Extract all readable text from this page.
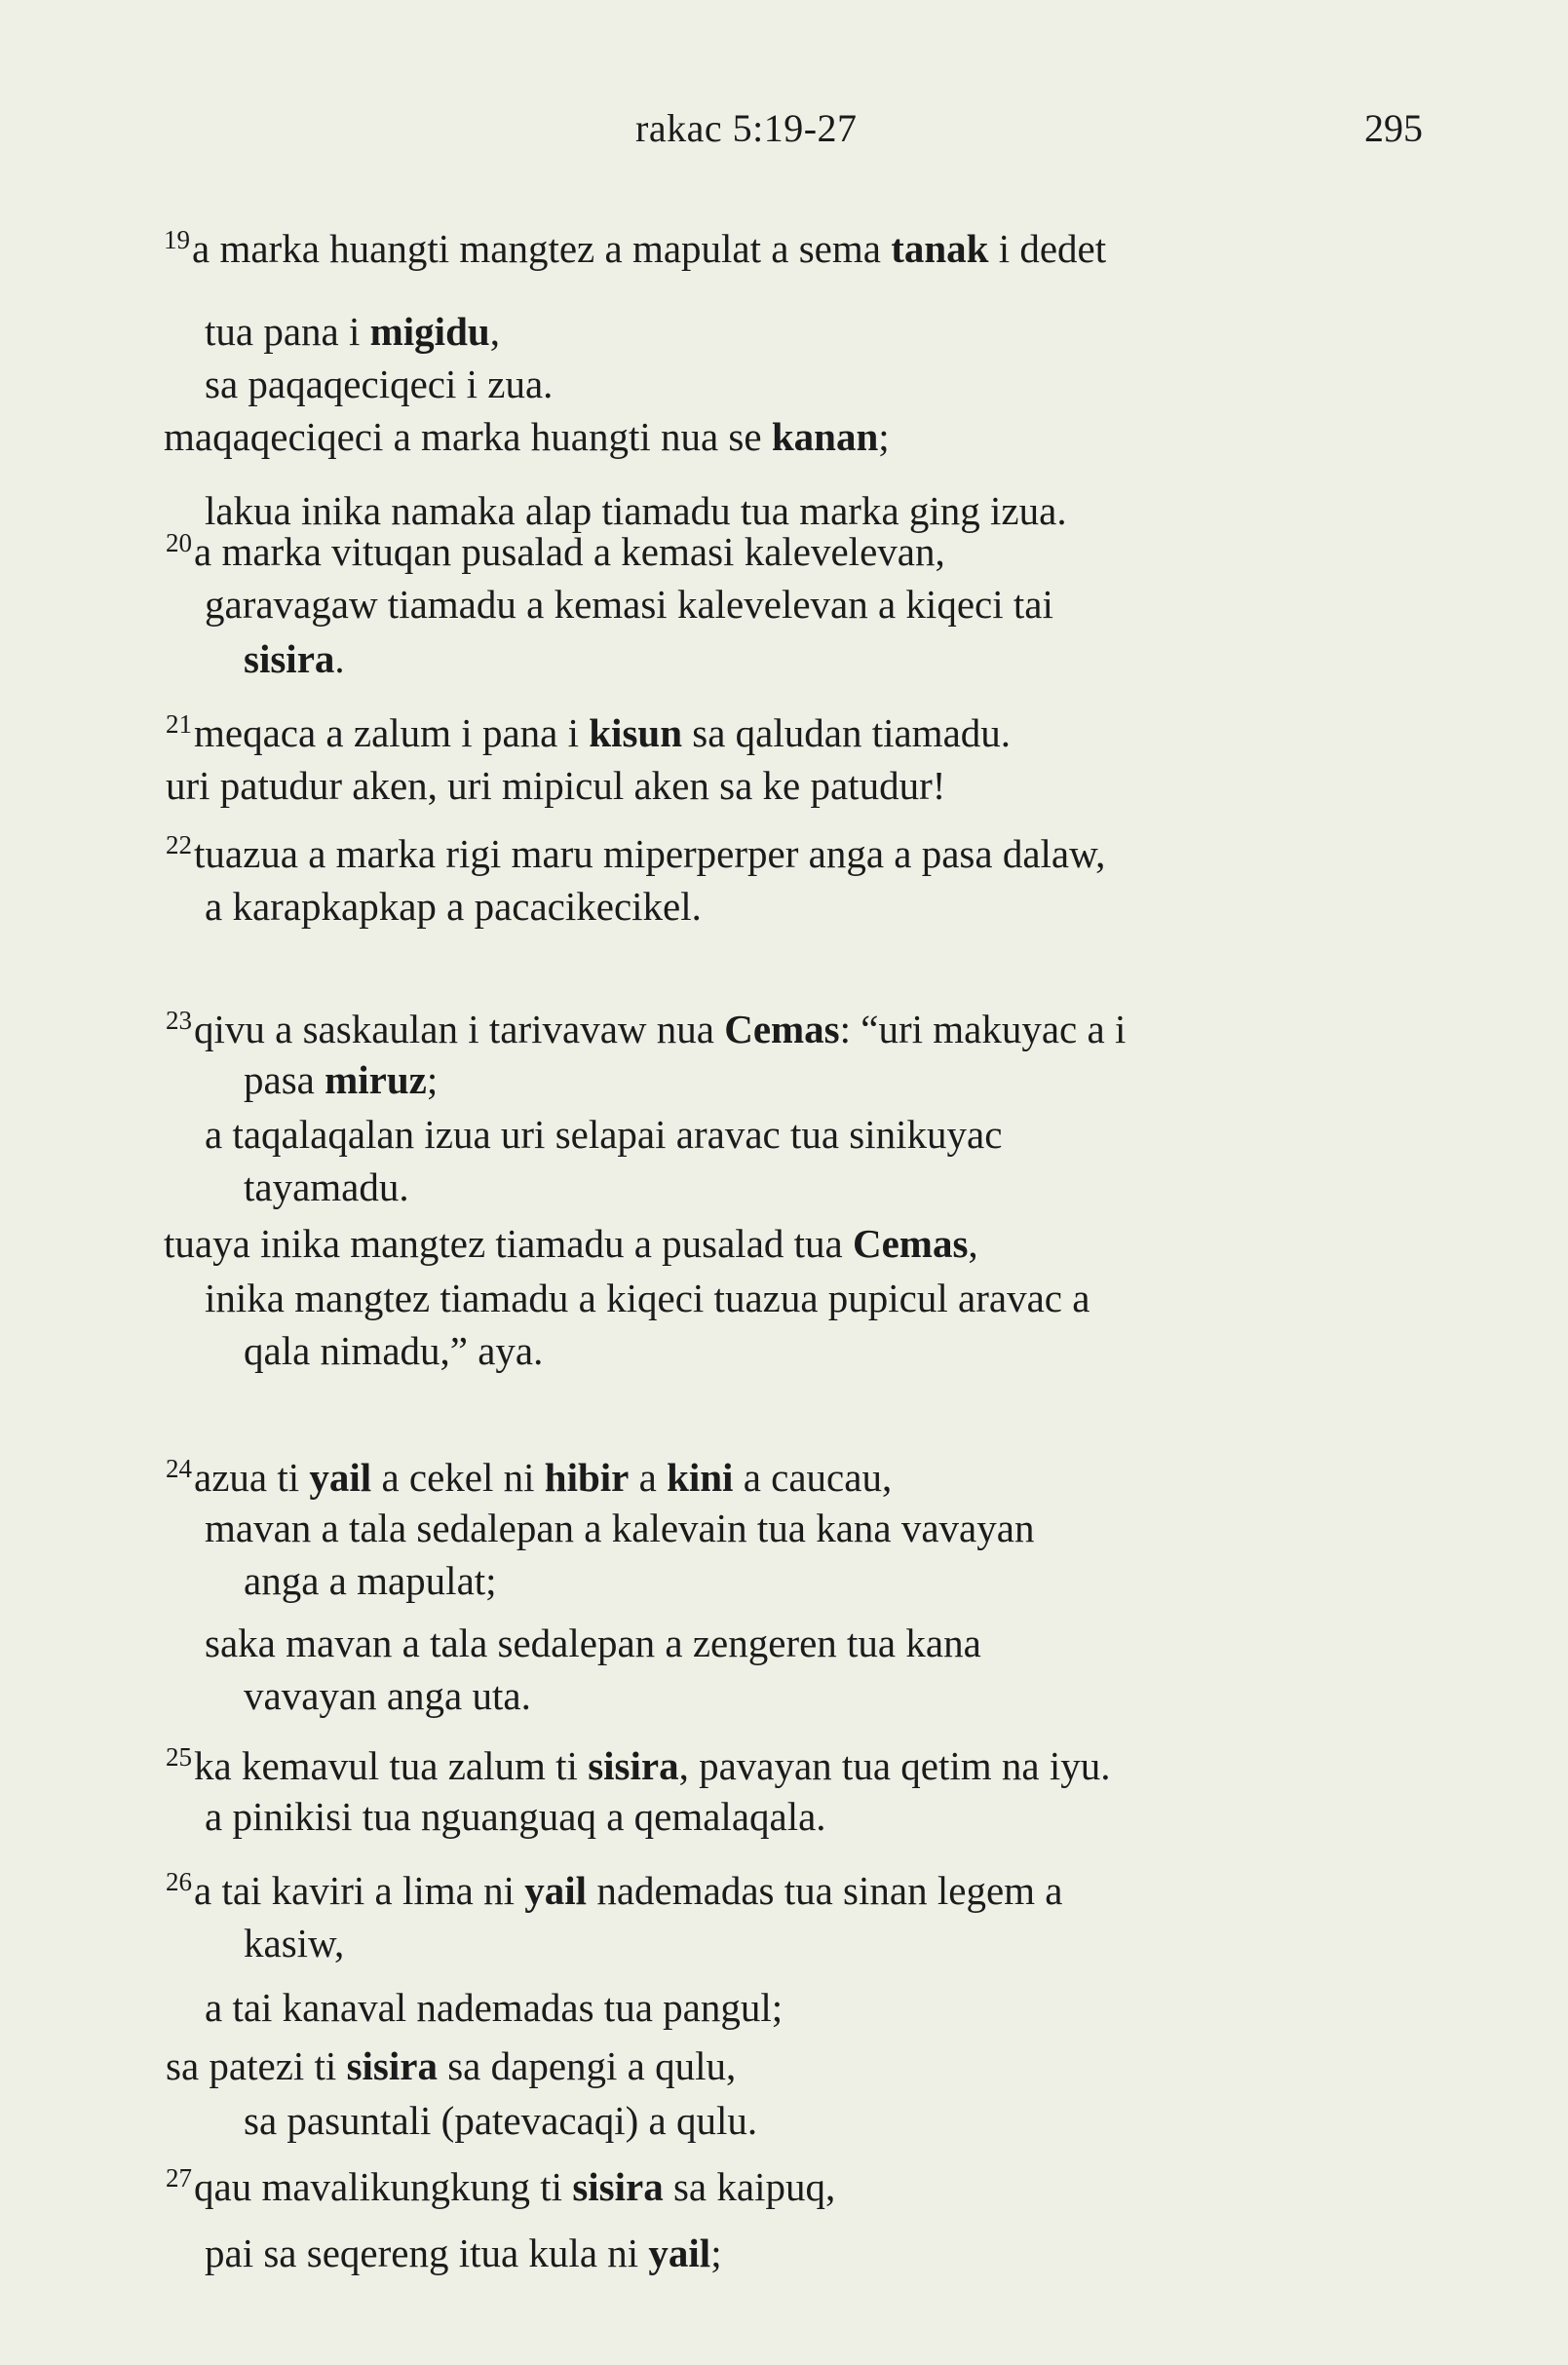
rakac 5:19-27	295
$^{19}$a marka huangti mangtez a mapulat a sema tanak i dedet
tua pana i migidu,
sa paqaqeciqeci i zua.
maqaqeciqeci a marka huangti nua se kanan;
lakua inika namaka alap tiamadu tua marka ging izua.
$^{20}$a marka vituqan pusalad a kemasi kalevelevan,
garavagaw tiamadu a kemasi kalevelevan a kiqeci tai
sisira.
$^{21}$meqaca a zalum i pana i kisun sa qaludan tiamadu.
uri patudur aken, uri mipicul aken sa ke patudur!
$^{22}$tuazua a marka rigi maru miperperper anga a pasa dalaw,
a karapkapkap a pacacikecikel.
$^{23}$qivu a saskaulan i tarivavaw nua Cemas: “uri makuyac a i
pasa miruz;
a taqalaqalan izua uri selapai aravac tua sinikuyac
tayamadu.
tuaya inika mangtez tiamadu a pusalad tua Cemas,
inika mangtez tiamadu a kiqeci tuazua pupicul aravac a
qala nimadu,” aya.
$^{24}$azua ti yail a cekel ni hibir a kini a caucau,
mavan a tala sedalepan a kalevain tua kana vavayan
anga a mapulat;
saka mavan a tala sedalepan a zengeren tua kana
vavayan anga uta.
$^{25}$ka kemavul tua zalum ti sisira, pavayan tua qetim na iyu.
a pinikisi tua nguanguaq a qemalaqala.
$^{26}$a tai kaviri a lima ni yail nademadas tua sinan legem a
kasiw,
a tai kanaval nademadas tua pangul;
sa patezi ti sisira sa dapengi a qulu,
sa pasuntali (patevacaqi) a qulu.
$^{27}$qau mavalikungkung ti sisira sa kaipuq,
pai sa seqereng itua kula ni yail;
